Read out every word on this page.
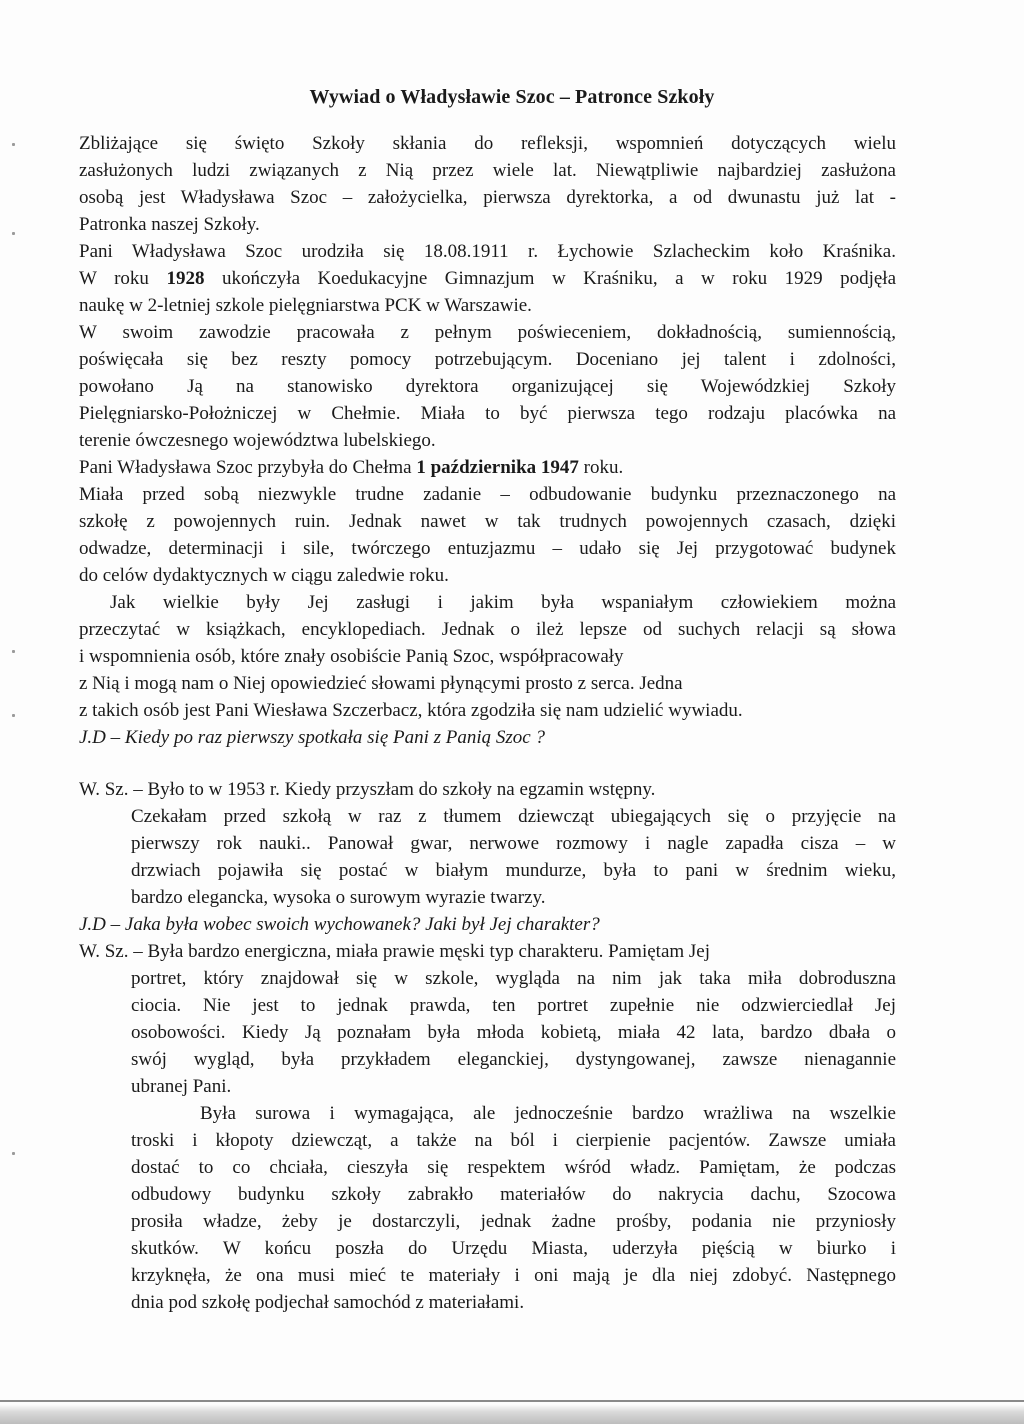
Wywiad o Władysławie Szoc – Patronce Szkoły
Zbliżające się święto Szkoły skłania do refleksji, wspomnień dotyczących wielu
zasłużonych ludzi związanych z Nią przez wiele lat. Niewątpliwie najbardziej zasłużona
osobą jest Władysława Szoc – założycielka, pierwsza dyrektorka, a od dwunastu już lat -
Patronka naszej Szkoły.
Pani Władysława Szoc urodziła się 18.08.1911 r. Łychowie Szlacheckim koło Kraśnika.
W roku 1928 ukończyła Koedukacyjne Gimnazjum w Kraśniku, a w roku 1929 podjęła
naukę w 2-letniej szkole pielęgniarstwa PCK w Warszawie.
W swoim zawodzie pracowała z pełnym poświeceniem, dokładnością, sumiennością,
poświęcała się bez reszty pomocy potrzebującym. Doceniano jej talent i zdolności,
powołano Ją na stanowisko dyrektora organizującej się Wojewódzkiej Szkoły
Pielęgniarsko-Położniczej w Chełmie. Miała to być pierwsza tego rodzaju placówka na
terenie ówczesnego województwa lubelskiego.
Pani Władysława Szoc przybyła do Chełma 1 października 1947 roku.
Miała przed sobą niezwykle trudne zadanie – odbudowanie budynku przeznaczonego na
szkołę z powojennych ruin. Jednak nawet w tak trudnych powojennych czasach, dzięki
odwadze, determinacji i sile, twórczego entuzjazmu – udało się Jej przygotować budynek
do celów dydaktycznych w ciągu zaledwie roku.
Jak wielkie były Jej zasługi i jakim była wspaniałym człowiekiem można
przeczytać w książkach, encyklopediach. Jednak o ileż lepsze od suchych relacji są słowa
i wspomnienia osób, które znały osobiście Panią Szoc, współpracowały
z Nią i mogą nam o Niej opowiedzieć słowami płynącymi prosto z serca. Jedna
z takich osób jest Pani Wiesława Szczerbacz, która zgodziła się nam udzielić wywiadu.
J.D – Kiedy po raz pierwszy spotkała się Pani z Panią Szoc ?
W. Sz. – Było to w 1953 r. Kiedy przyszłam do szkoły na egzamin wstępny.
Czekałam przed szkołą w raz z tłumem dziewcząt ubiegających się o przyjęcie na
pierwszy rok nauki.. Panował gwar, nerwowe rozmowy i nagle zapadła cisza – w
drzwiach pojawiła się postać w białym mundurze, była to pani w średnim wieku,
bardzo elegancka, wysoka o surowym wyrazie twarzy.
J.D – Jaka była wobec swoich wychowanek? Jaki był Jej charakter?
W. Sz. – Była bardzo energiczna, miała prawie męski typ charakteru. Pamiętam Jej
portret, który znajdował się w szkole, wygląda na nim jak taka miła dobroduszna
ciocia. Nie jest to jednak prawda, ten portret zupełnie nie odzwierciedlał Jej
osobowości. Kiedy Ją poznałam była młoda kobietą, miała 42 lata, bardzo dbała o
swój wygląd, była przykładem eleganckiej, dystyngowanej, zawsze nienagannie
ubranej Pani.
Była surowa i wymagająca, ale jednocześnie bardzo wrażliwa na wszelkie
troski i kłopoty dziewcząt, a także na ból i cierpienie pacjentów. Zawsze umiała
dostać to co chciała, cieszyła się respektem wśród władz. Pamiętam, że podczas
odbudowy budynku szkoły zabrakło materiałów do nakrycia dachu, Szocowa
prosiła władze, żeby je dostarczyli, jednak żadne prośby, podania nie przyniosły
skutków. W końcu poszła do Urzędu Miasta, uderzyła pięścią w biurko i
krzyknęła, że ona musi mieć te materiały i oni mają je dla niej zdobyć. Następnego
dnia pod szkołę podjechał samochód z materiałami.
